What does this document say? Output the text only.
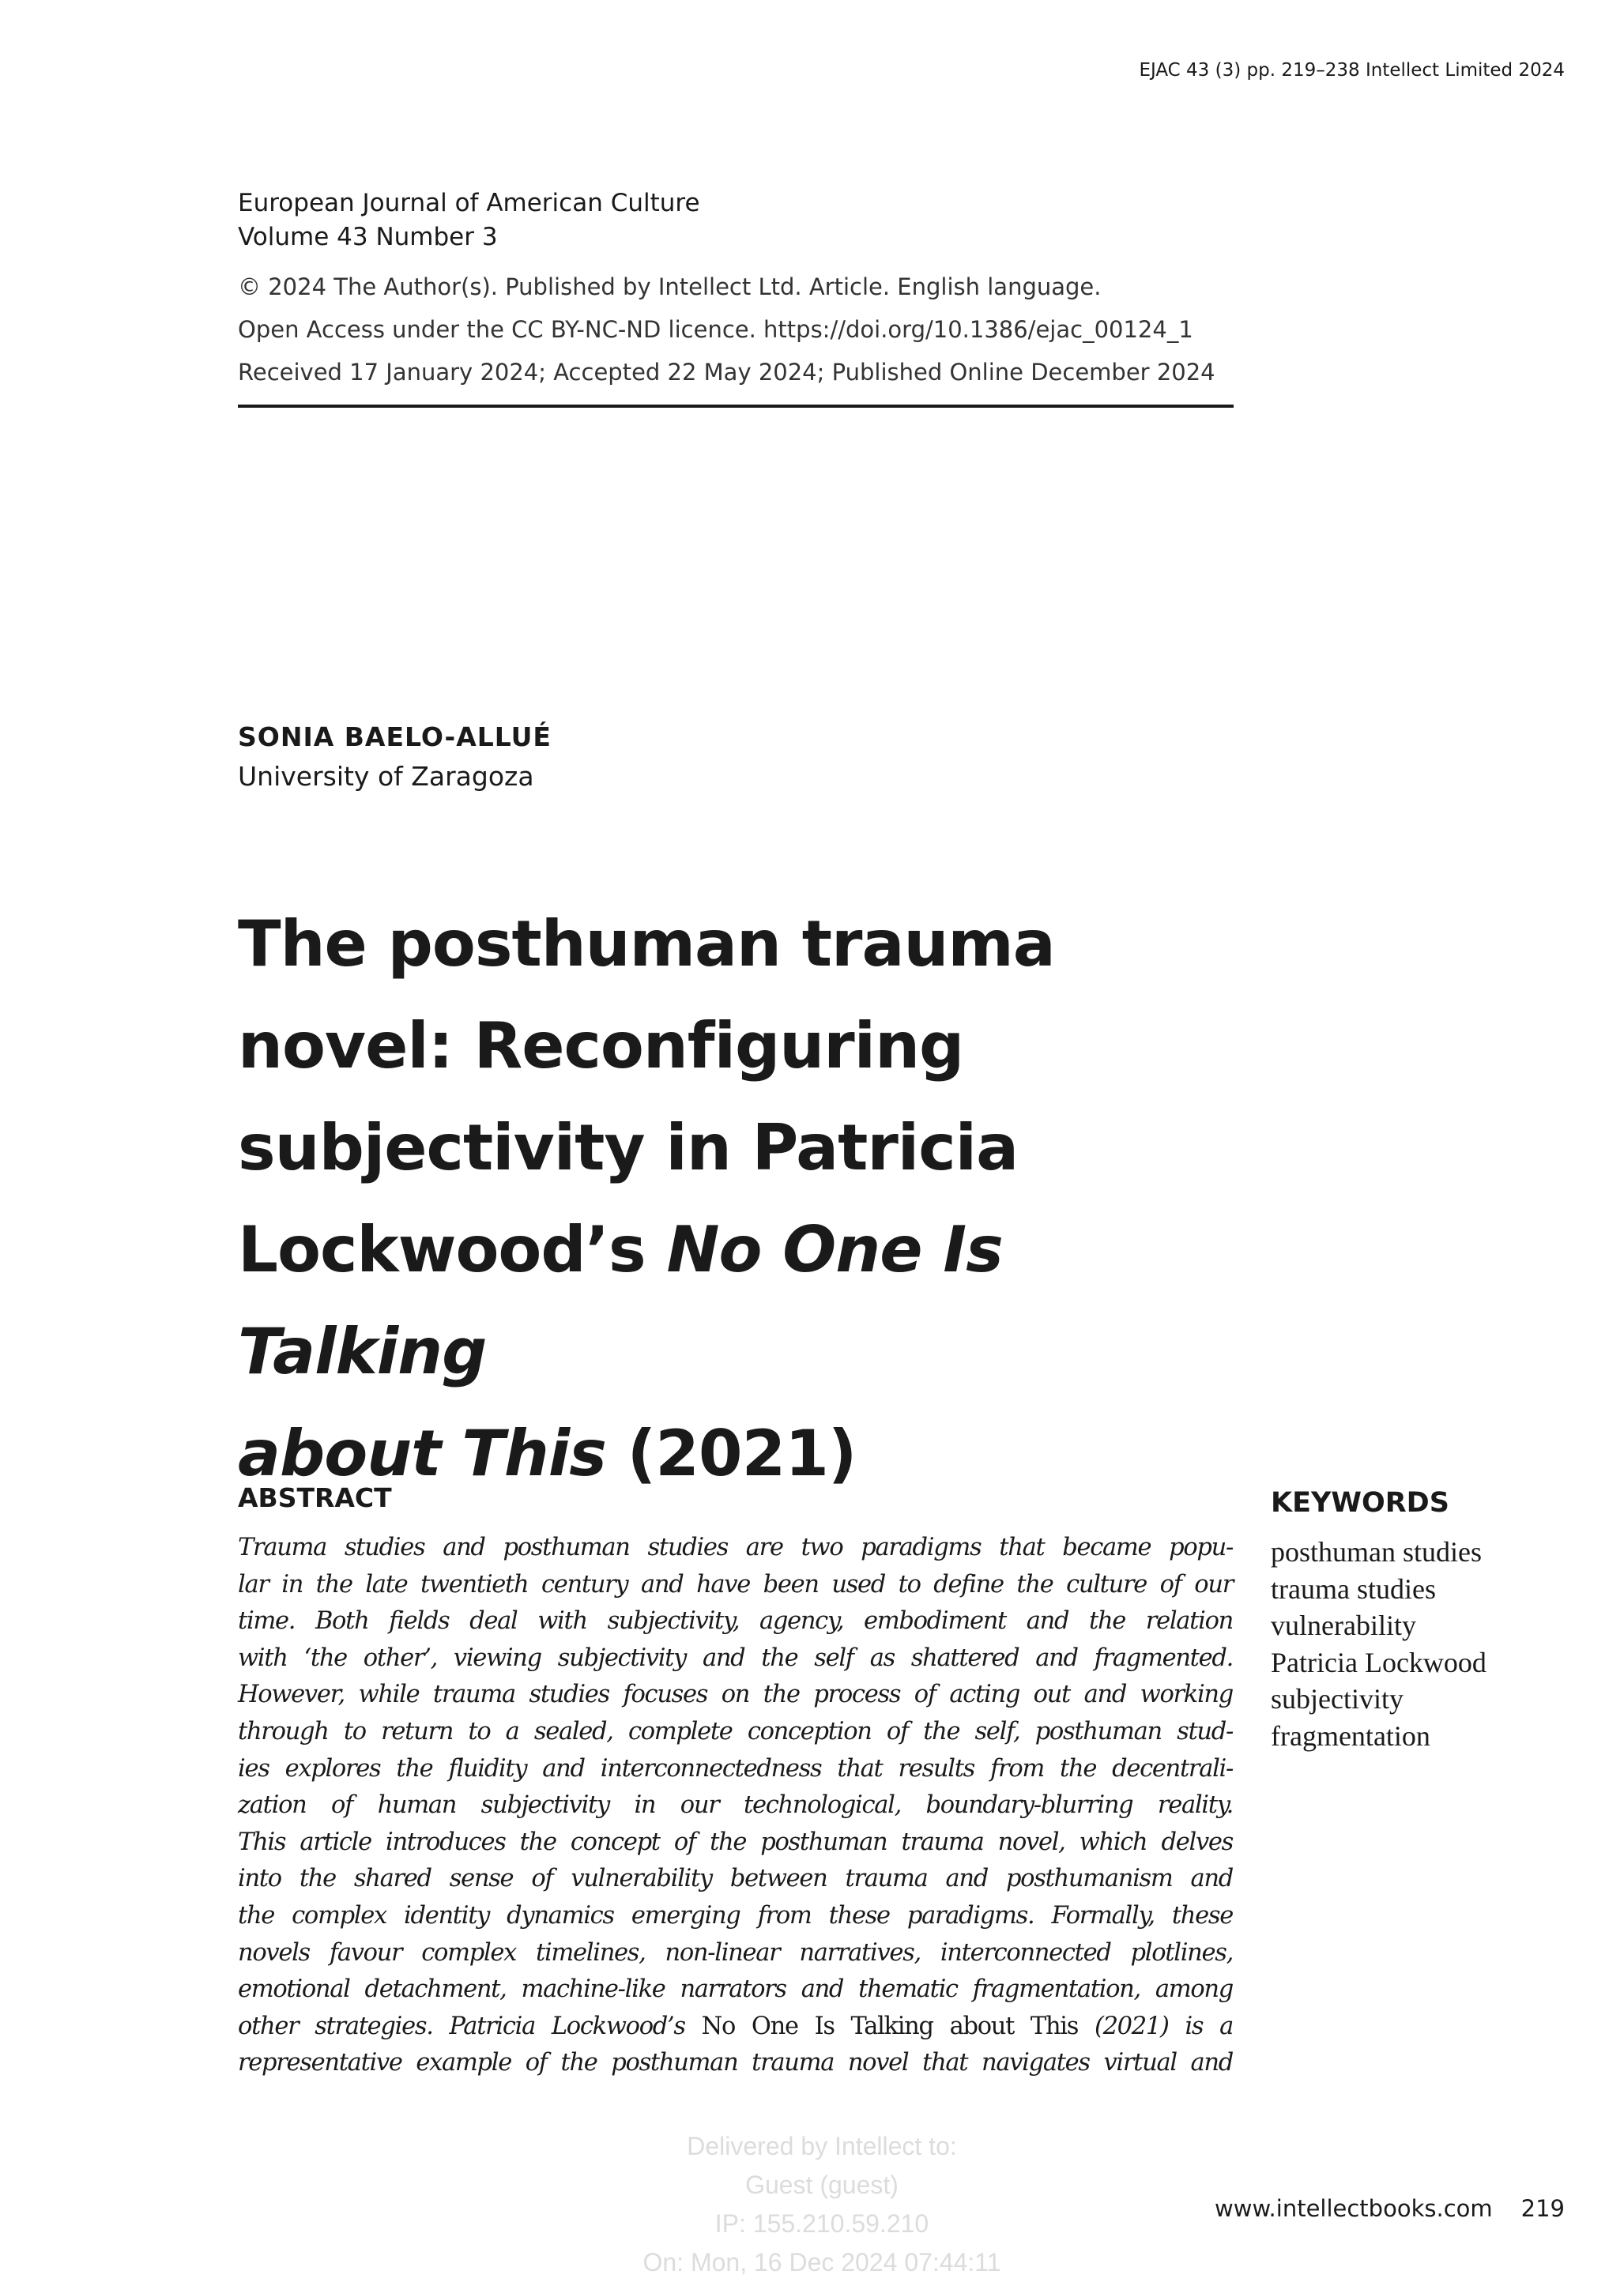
EJAC 43 (3) pp. 219–238 Intellect Limited 2024
European Journal of American Culture
Volume 43 Number 3
© 2024 The Author(s). Published by Intellect Ltd. Article. English language.
Open Access under the CC BY-NC-ND licence. https://doi.org/10.1386/ejac_00124_1
Received 17 January 2024; Accepted 22 May 2024; Published Online December 2024
SONIA BAELO-ALLUÉ
University of Zaragoza
The posthuman trauma
novel: Reconfiguring
subjectivity in Patricia
Lockwood’s No One Is Talking
about This (2021)
ABSTRACT
Trauma studies and posthuman studies are two paradigms that became popu-
lar in the late twentieth century and have been used to define the culture of our
time. Both fields deal with subjectivity, agency, embodiment and the relation
with ‘the other’, viewing subjectivity and the self as shattered and fragmented.
However, while trauma studies focuses on the process of acting out and working
through to return to a sealed, complete conception of the self, posthuman stud-
ies explores the fluidity and interconnectedness that results from the decentrali-
zation of human subjectivity in our technological, boundary-blurring reality.
This article introduces the concept of the posthuman trauma novel, which delves
into the shared sense of vulnerability between trauma and posthumanism and
the complex identity dynamics emerging from these paradigms. Formally, these
novels favour complex timelines, non-linear narratives, interconnected plotlines,
emotional detachment, machine-like narrators and thematic fragmentation, among
other strategies. Patricia Lockwood’s No One Is Talking about This (2021) is a
representative example of the posthuman trauma novel that navigates virtual and
KEYWORDS
posthuman studies
trauma studies
vulnerability
Patricia Lockwood
subjectivity
fragmentation
Delivered by Intellect to:
Guest (guest)
IP: 155.210.59.210
On: Mon, 16 Dec 2024 07:44:11
www.intellectbooks.com 219
